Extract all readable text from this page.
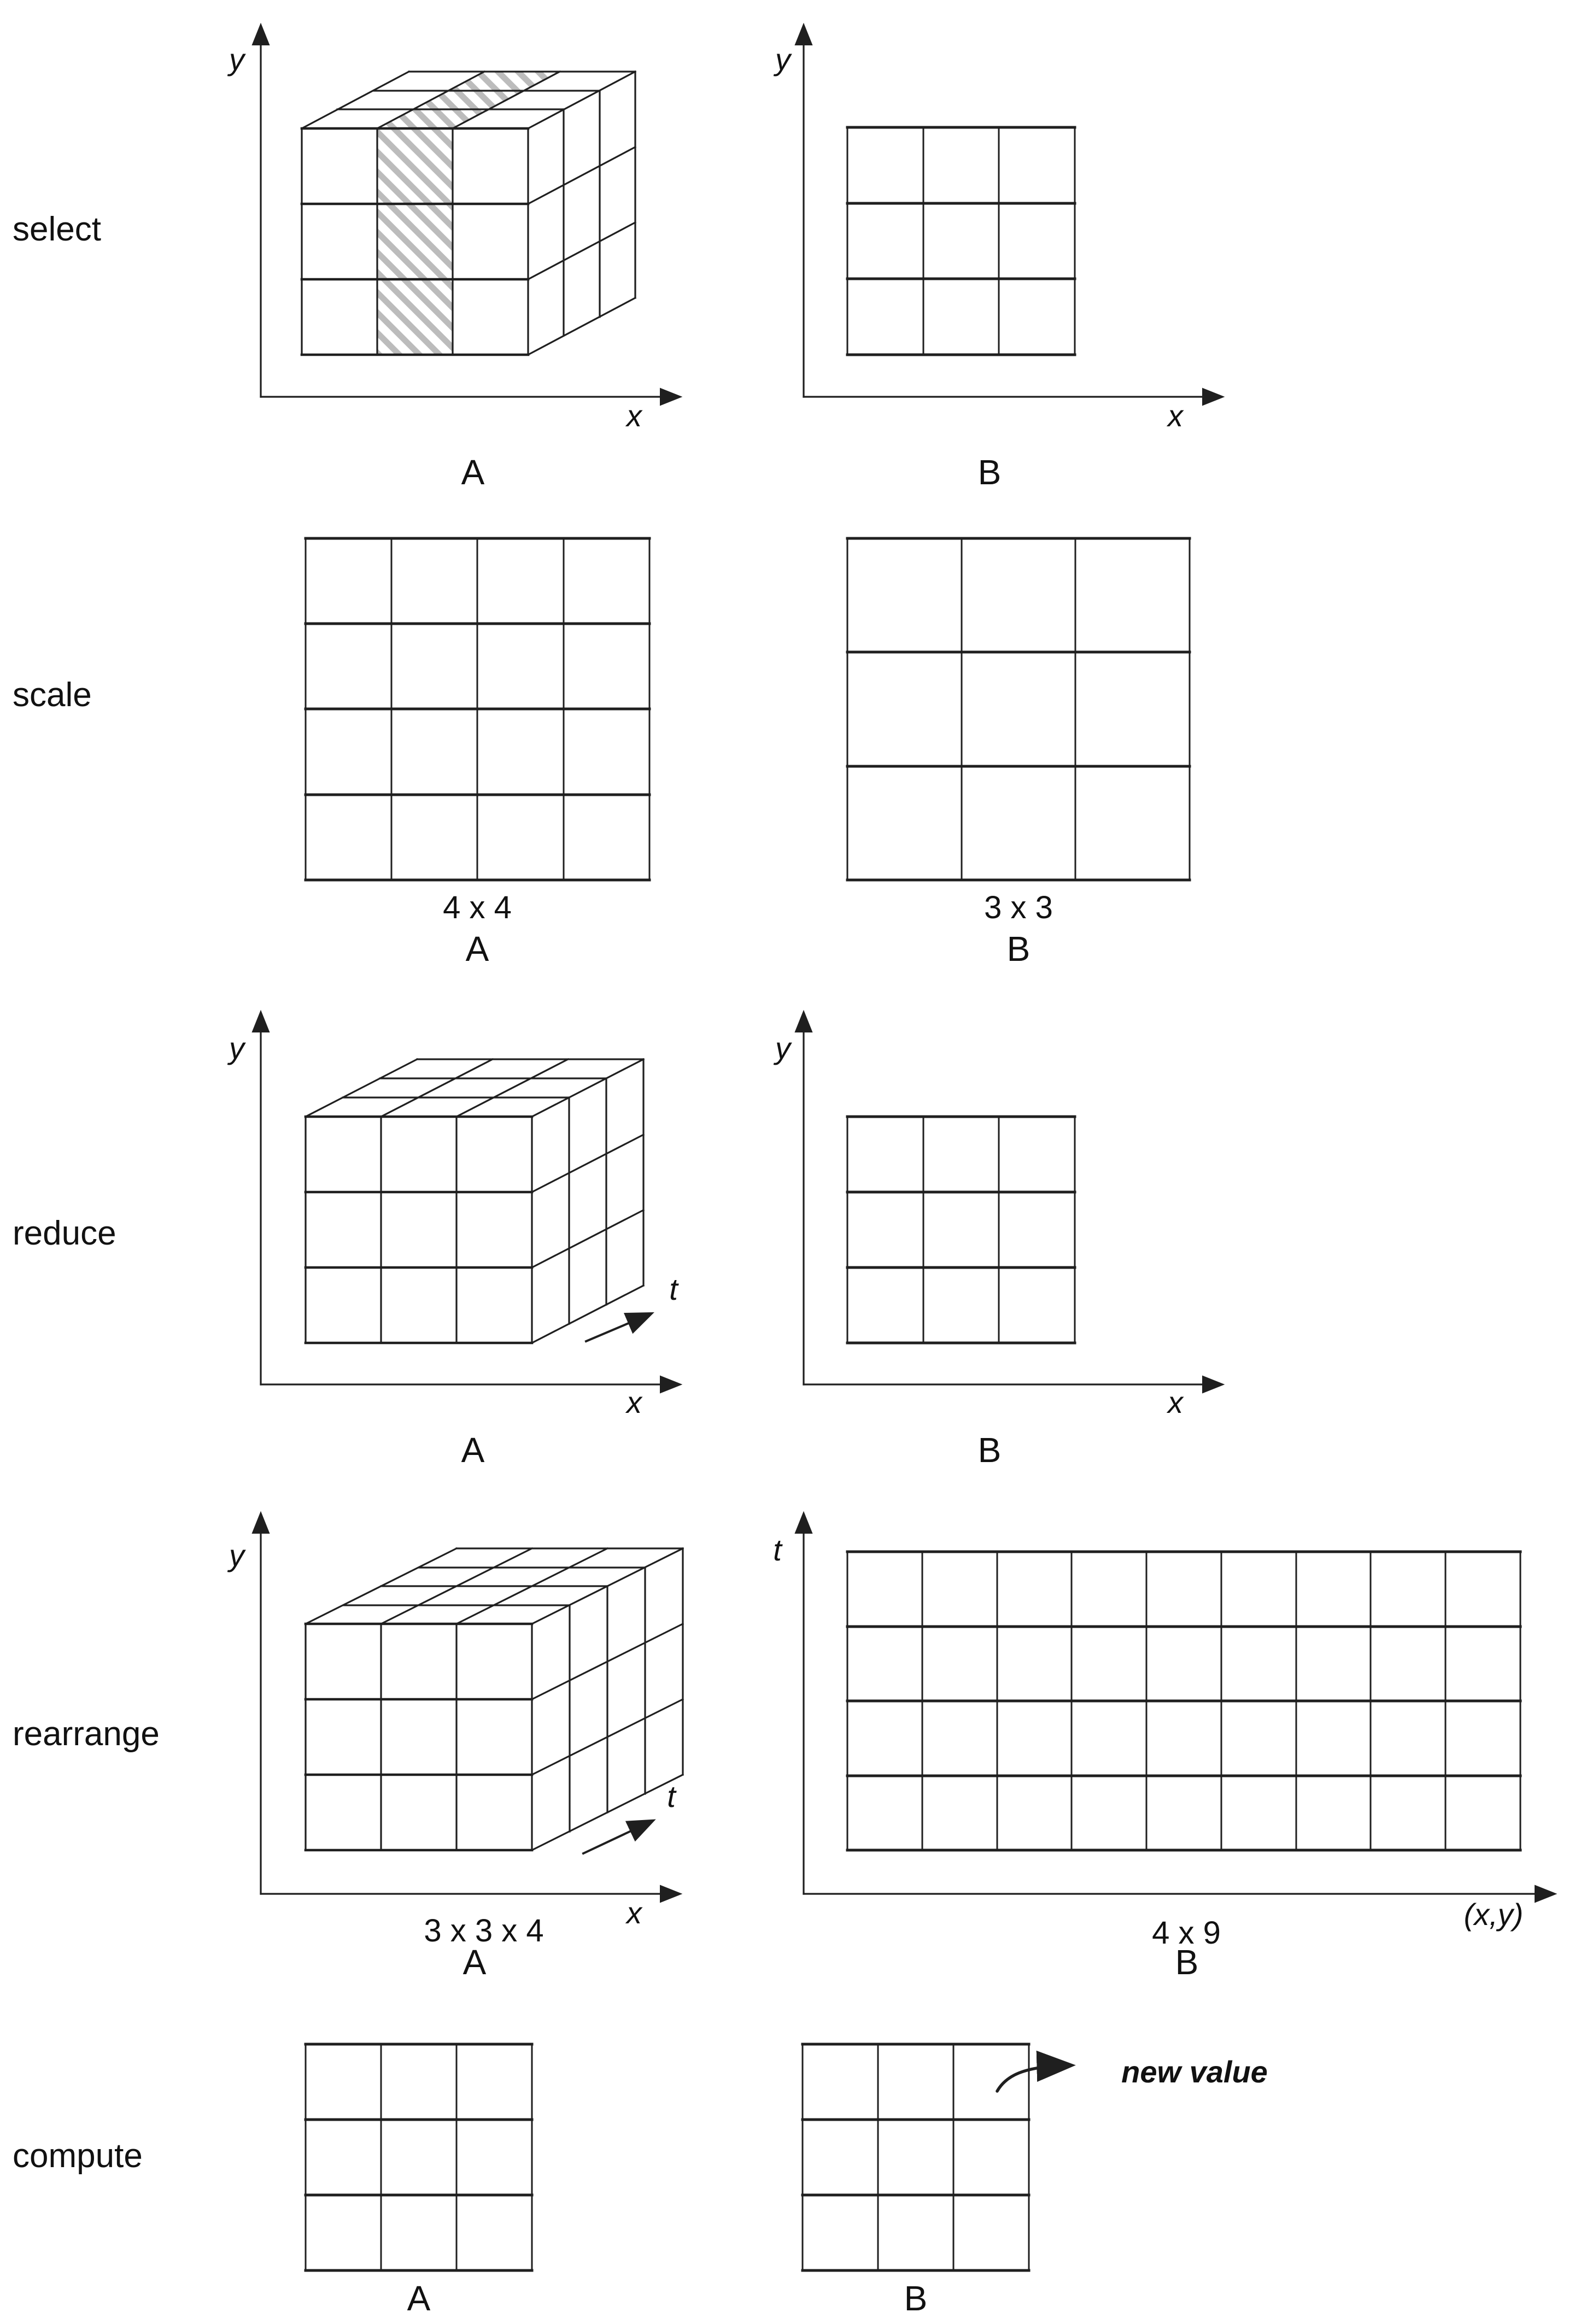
select
y
x
A
y
x
B
scale
4 x 4
A
3 x 3
B
reduce
y
x
t
A
y
x
B
rearrange
y
x
t
3 x 3 x 4
A
t
(x,y)
4 x 9
B
compute
A
new value
B
